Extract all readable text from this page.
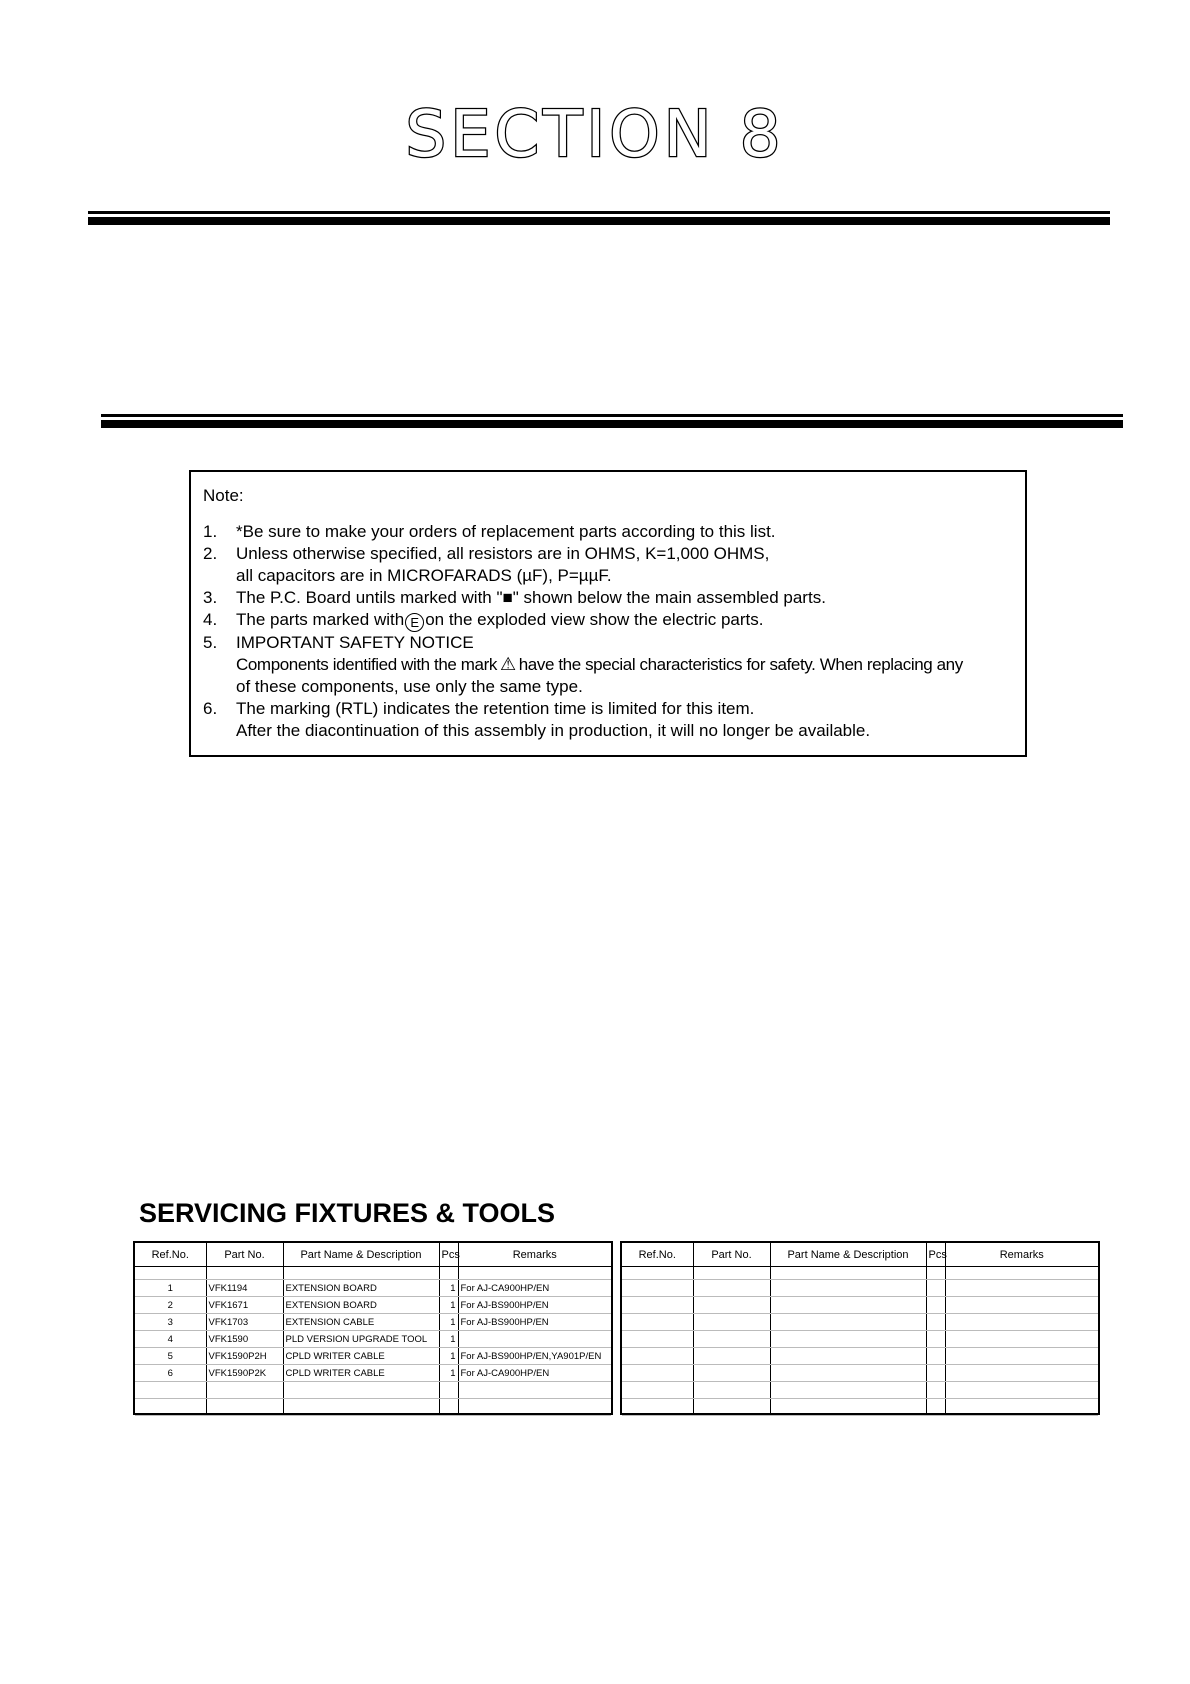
SECTION 8
Note:
1.	*Be sure to make your orders of replacement parts according to this list.
2.	Unless otherwise specified, all resistors are in OHMS, K=1,000 OHMS,
all capacitors are in MICROFARADS (µF), P=µµF.
3.	The P.C. Board untils marked with "■" shown below the main assembled parts.
4.	The parts marked with E on the exploded view show the electric parts.
5.	IMPORTANT SAFETY NOTICE
Components identified with the mark ⚠ have the special characteristics for safety. When replacing any
of these components, use only the same type.
6.	The marking (RTL) indicates the retention time is limited for this item.
After the diacontinuation of this assembly in production, it will no longer be available.
SERVICING FIXTURES & TOOLS
Ref.No.	Part No.	Part Name & Description	Pcs	Remarks

1	VFK1194	EXTENSION BOARD	1	For AJ-CA900HP/EN
2	VFK1671	EXTENSION BOARD	1	For AJ-BS900HP/EN
3	VFK1703	EXTENSION CABLE	1	For AJ-BS900HP/EN
4	VFK1590	PLD VERSION UPGRADE TOOL	1	
5	VFK1590P2H	CPLD WRITER CABLE	1	For AJ-BS900HP/EN,YA901P/EN
6	VFK1590P2K	CPLD WRITER CABLE	1	For AJ-CA900HP/EN

Ref.No.	Part No.	Part Name & Description	Pcs	Remarks
